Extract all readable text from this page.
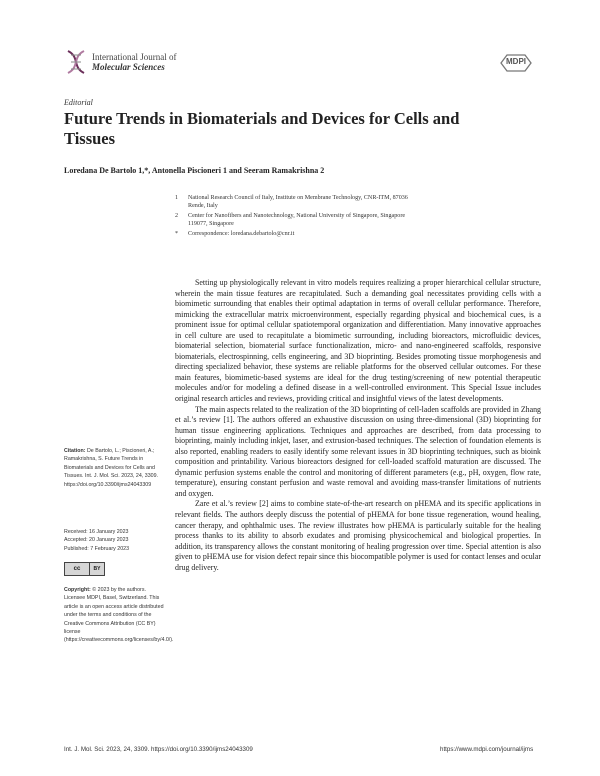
International Journal of
Molecular Sciences
MDPI
Editorial
Future Trends in Biomaterials and Devices for Cells and Tissues
Loredana De Bartolo 1,*, Antonella Piscioneri 1 and Seeram Ramakrishna 2
1	National Research Council of Italy, Institute on Membrane Technology, CNR-ITM, 87036 Rende, Italy
2	Center for Nanofibers and Nanotechnology, National University of Singapore, Singapore 119077, Singapore
*	Correspondence: loredana.debartolo@cnr.it
Citation: De Bartolo, L.; Piscioneri, A.; Ramakrishna, S. Future Trends in Biomaterials and Devices for Cells and Tissues. Int. J. Mol. Sci. 2023, 24, 3309. https://doi.org/10.3390/ijms24043309
Received: 16 January 2023
Accepted: 20 January 2023
Published: 7 February 2023
cc	BY
Copyright: © 2023 by the authors. Licensee MDPI, Basel, Switzerland. This article is an open access article distributed under the terms and conditions of the Creative Commons Attribution (CC BY) license (https://creativecommons.org/licenses/by/4.0/).

Setting up physiologically relevant in vitro models requires realizing a proper hierarchical cellular structure, wherein the main tissue features are recapitulated. Such a demanding goal necessitates providing cells with a biomimetic surrounding that enables their optimal adaptation in terms of overall cellular performance. Therefore, mimicking the extracellular matrix microenvironment, especially regarding physical and biochemical cues, is a prominent issue for optimal cellular spatiotemporal organization and differentiation. Many innovative approaches in cell culture are used to recapitulate a biomimetic surrounding, including bioreactors, microfluidic devices, biomaterial selection, biomaterial surface functionalization, micro- and nano-engineered scaffolds, responsive biomaterials, electrospinning, cells engineering, and 3D bioprinting. Besides promoting tissue morphogenesis and directing specialized behavior, these systems are reliable platforms for the observed cellular outcomes. For these main features, biomimetic-based systems are ideal for the drug testing/screening of new potential therapeutic molecules and/or for modeling a defined disease in a well-controlled environment. This Special Issue includes original research articles and reviews, providing critical and insightful views of the latest developments.

The main aspects related to the realization of the 3D bioprinting of cell-laden scaffolds are provided in Zhang et al.’s review [1]. The authors offered an exhaustive discussion on using three-dimensional (3D) bioprinting for human tissue engineering applications. Techniques and approaches are described, from data processing to bioprinting, mainly including inkjet, laser, and extrusion-based techniques. The selection of foundation elements is also reported, enabling readers to easily identify some relevant issues in 3D bioprinting techniques, such as bioink composition and printability. Various bioreactors designed for cell-loaded scaffold maturation are discussed. The dynamic perfusion systems enable the control and monitoring of different parameters (e.g., pH, oxygen, flow rate, temperature), ensuring constant perfusion and waste removal and avoiding mass-transfer limitations of nutrients and oxygen.

Zare et al.’s review [2] aims to combine state-of-the-art research on pHEMA and its specific applications in relevant fields. The authors deeply discuss the potential of pHEMA for bone tissue regeneration, wound healing, cancer therapy, and ophthalmic uses. The review illustrates how pHEMA is particularly suitable for the healing process thanks to its ability to absorb exudates and promising physicochemical and biological properties. In addition, its transparency allows the constant monitoring of healing progression over time. Special attention is also given to pHEMA use for vision defect repair since this biocompatible polymer is used for contact lenses and ocular drug delivery.

Int. J. Mol. Sci. 2023, 24, 3309. https://doi.org/10.3390/ijms24043309	https://www.mdpi.com/journal/ijms
